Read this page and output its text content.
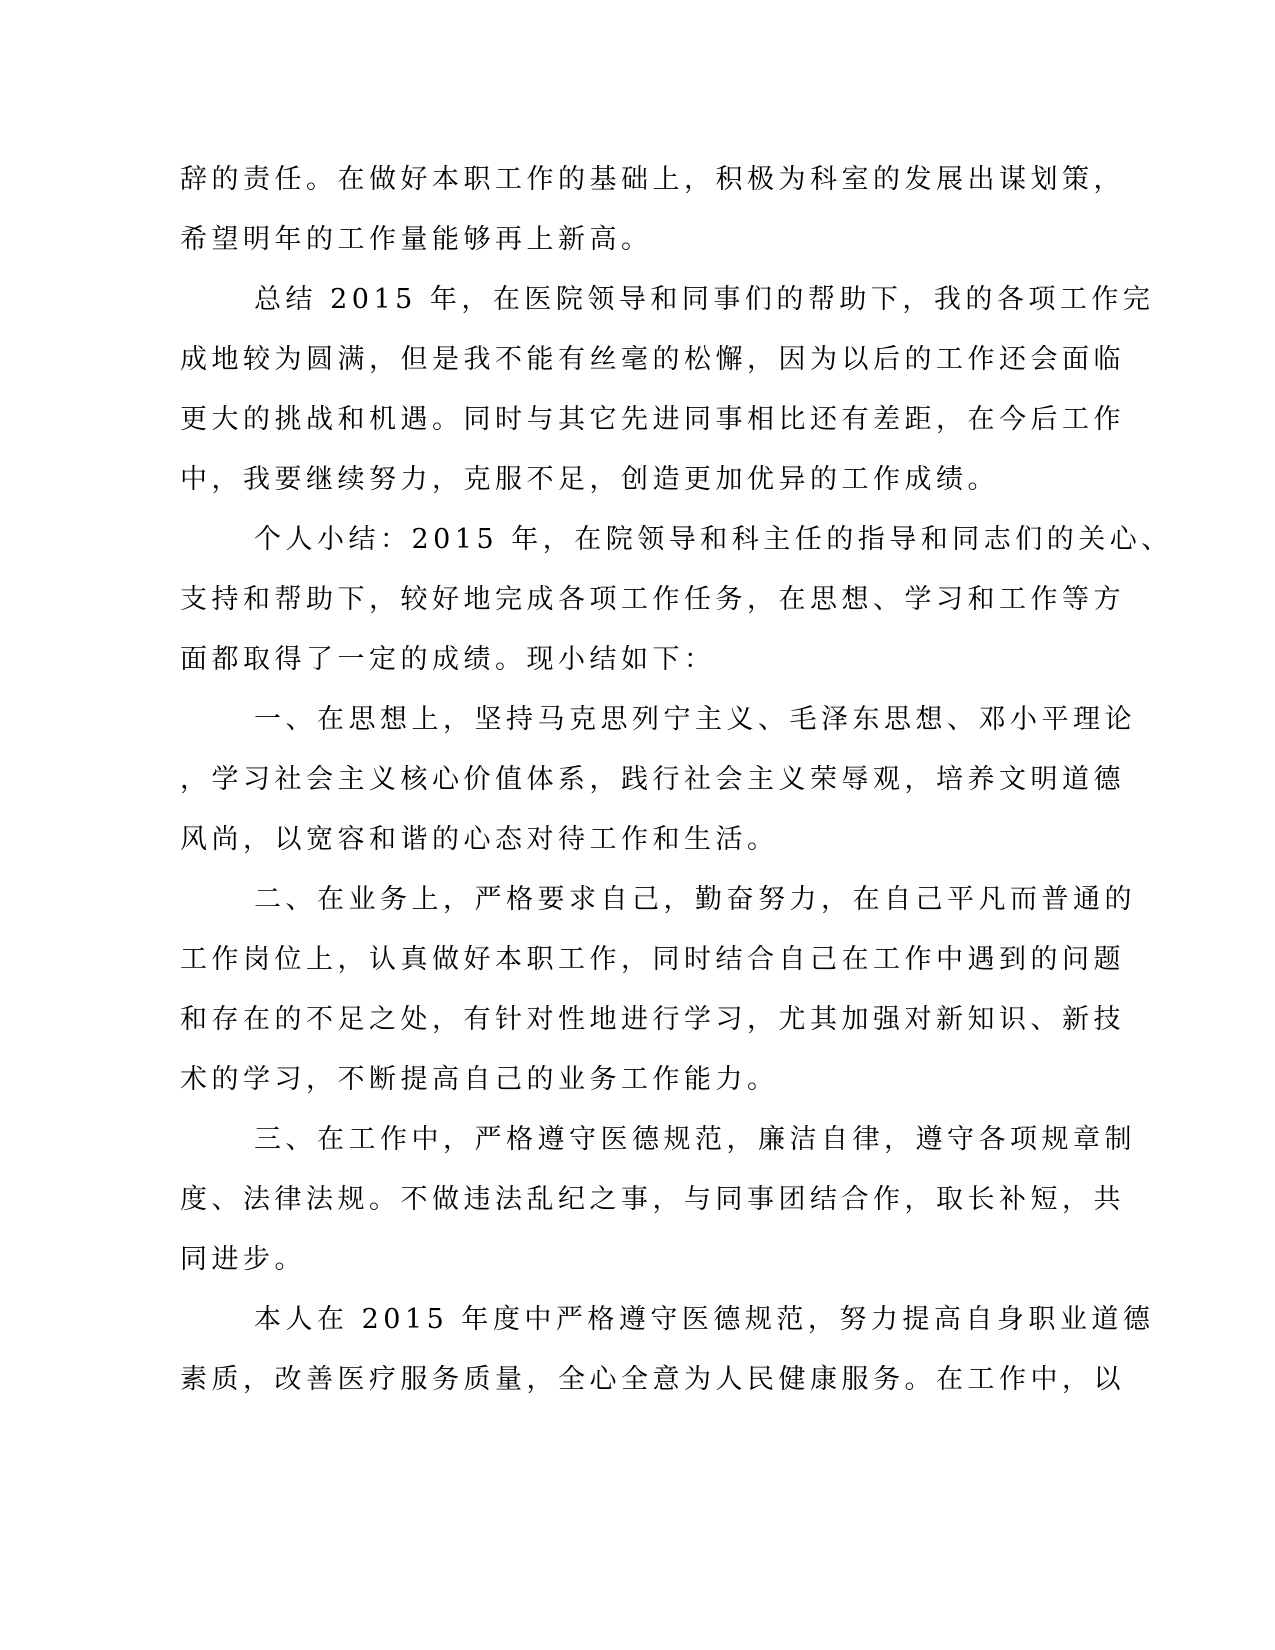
辞的责任。在做好本职工作的基础上，积极为科室的发展出谋划策，
希望明年的工作量能够再上新高。
总结 2015 年，在医院领导和同事们的帮助下，我的各项工作完
成地较为圆满，但是我不能有丝毫的松懈，因为以后的工作还会面临
更大的挑战和机遇。同时与其它先进同事相比还有差距，在今后工作
中，我要继续努力，克服不足，创造更加优异的工作成绩。
个人小结：2015 年，在院领导和科主任的指导和同志们的关心、
支持和帮助下，较好地完成各项工作任务，在思想、学习和工作等方
面都取得了一定的成绩。现小结如下：
一、在思想上，坚持马克思列宁主义、毛泽东思想、邓小平理论
，学习社会主义核心价值体系，践行社会主义荣辱观，培养文明道德
风尚，以宽容和谐的心态对待工作和生活。
二、在业务上，严格要求自己，勤奋努力，在自己平凡而普通的
工作岗位上，认真做好本职工作，同时结合自己在工作中遇到的问题
和存在的不足之处，有针对性地进行学习，尤其加强对新知识、新技
术的学习，不断提高自己的业务工作能力。
三、在工作中，严格遵守医德规范，廉洁自律，遵守各项规章制
度、法律法规。不做违法乱纪之事，与同事团结合作，取长补短，共
同进步。
本人在 2015 年度中严格遵守医德规范，努力提高自身职业道德
素质，改善医疗服务质量，全心全意为人民健康服务。在工作中，以
